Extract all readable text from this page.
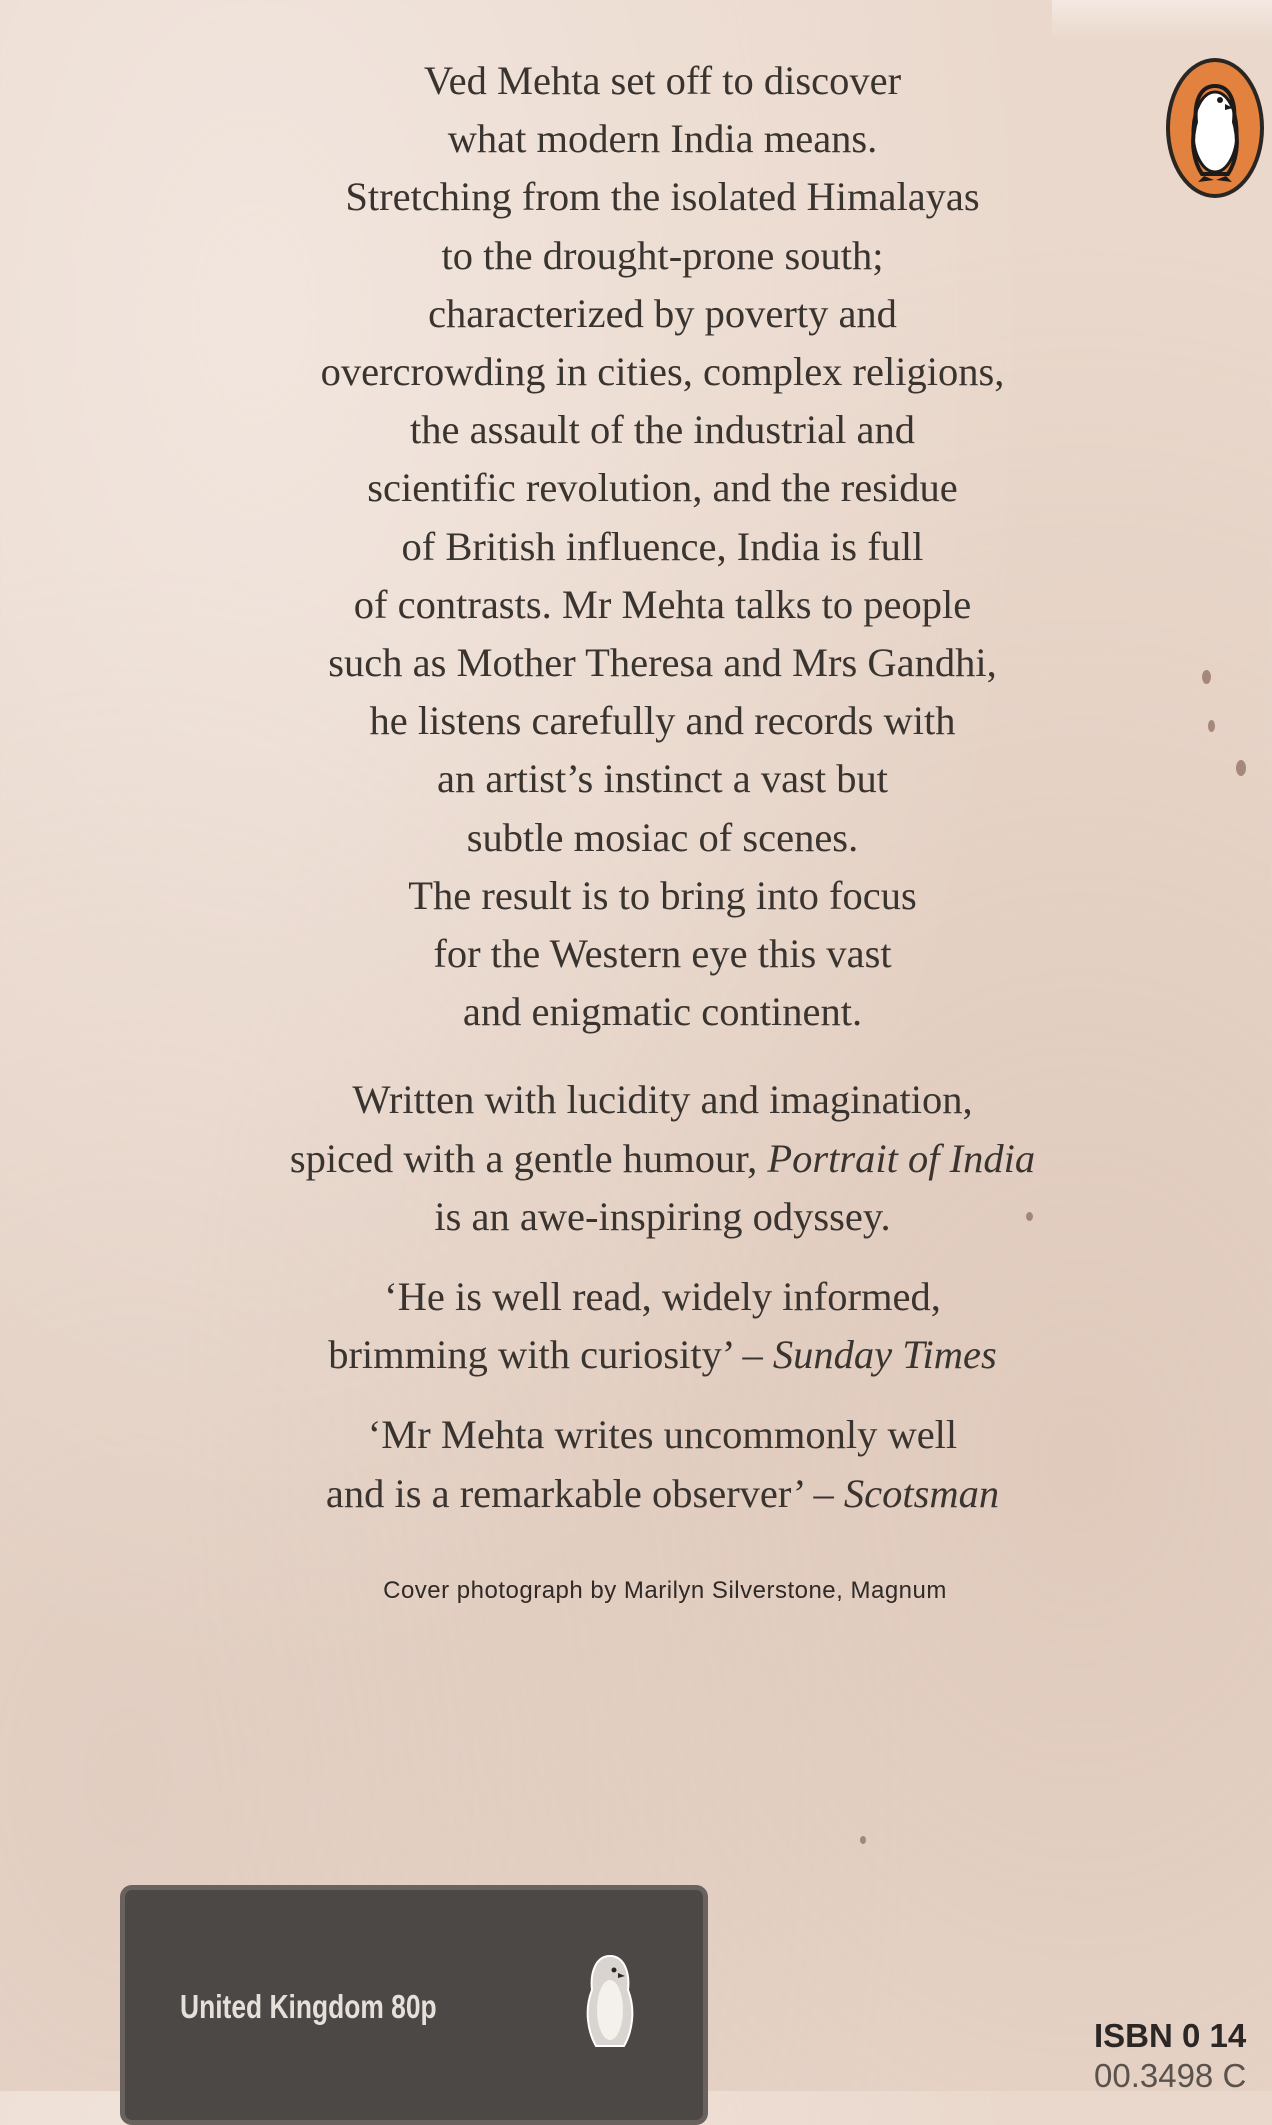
Ved Mehta set off to discover
what modern India means.
Stretching from the isolated Himalayas
to the drought-prone south;
characterized by poverty and
overcrowding in cities, complex religions,
the assault of the industrial and
scientific revolution, and the residue
of British influence, India is full
of contrasts. Mr Mehta talks to people
such as Mother Theresa and Mrs Gandhi,
he listens carefully and records with
an artist’s instinct a vast but
subtle mosiac of scenes.
The result is to bring into focus
for the Western eye this vast
and enigmatic continent.

Written with lucidity and imagination,
spiced with a gentle humour, Portrait of India
is an awe-inspiring odyssey.

‘He is well read, widely informed,
brimming with curiosity’ – Sunday Times

‘Mr Mehta writes uncommonly well
and is a remarkable observer’ – Scotsman

Cover photograph by Marilyn Silverstone, Magnum
United Kingdom 80p
ISBN 0 14
00.3498 C
